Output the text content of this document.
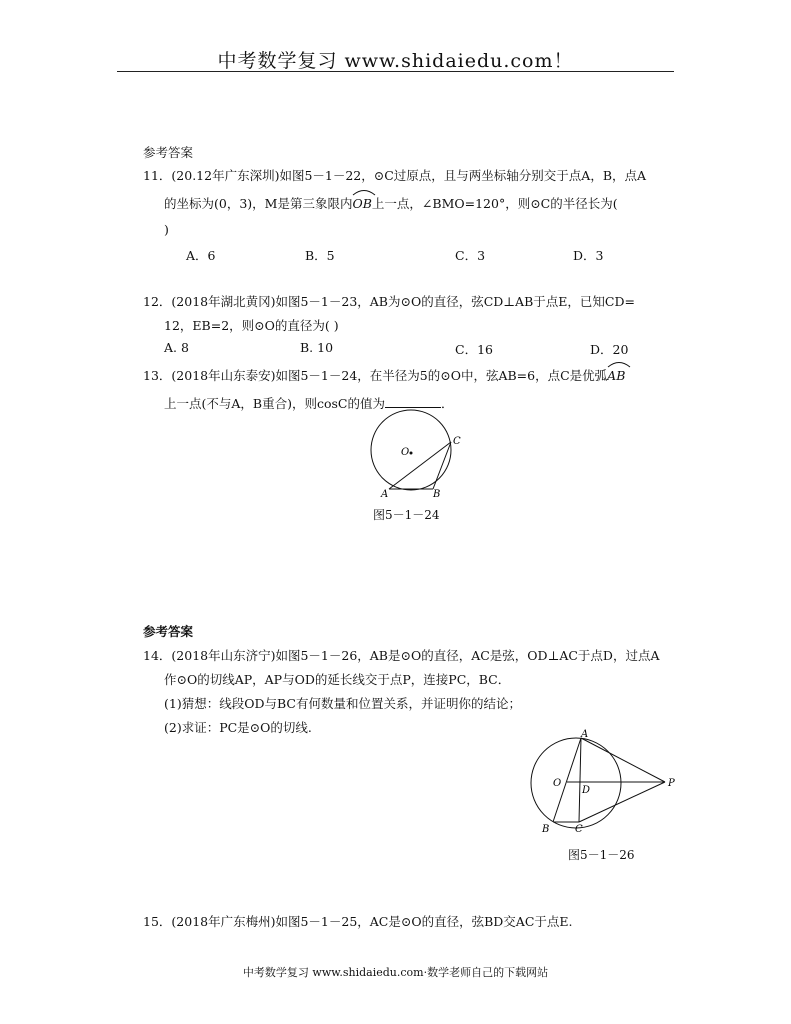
中考数学复习 www.shidaiedu.com！
参考答案
11．(20.12年广东深圳)如图5－1－22，⊙C过原点，且与两坐标轴分别交于点A，B，点A
的坐标为(0，3)，M是第三象限内
OB上一点，∠BMO=120°，则⊙C的半径长为(
)
A．6	B．5	C．3	D．3
12．(2018年湖北黄冈)如图5－1－23，AB为⊙O的直径，弦CD⊥AB于点E，已知CD=
12，EB=2，则⊙O的直径为( )
A. 8	B. 10	C．16	D．20
13．(2018年山东泰安)如图5－1－24，在半径为5的⊙O中，弦AB=6，点C是优弧
AB
上一点(不与A，B重合)，则cosC的值为	．
O
A	B
C
图5－1－24
参考答案
14．(2018年山东济宁)如图5－1－26，AB是⊙O的直径，AC是弦，OD⊥AC于点D，过点A
作⊙O的切线AP，AP与OD的延长线交于点P，连接PC，BC．
(1)猜想：线段OD与BC有何数量和位置关系，并证明你的结论；
(2)求证：PC是⊙O的切线.	A
O
D
P
B	C
图5－1－26
15．(2018年广东梅州)如图5－1－25，AC是⊙O的直径，弦BD交AC于点E.
中考数学复习 www.shidaiedu.com·数学老师自己的下载网站
